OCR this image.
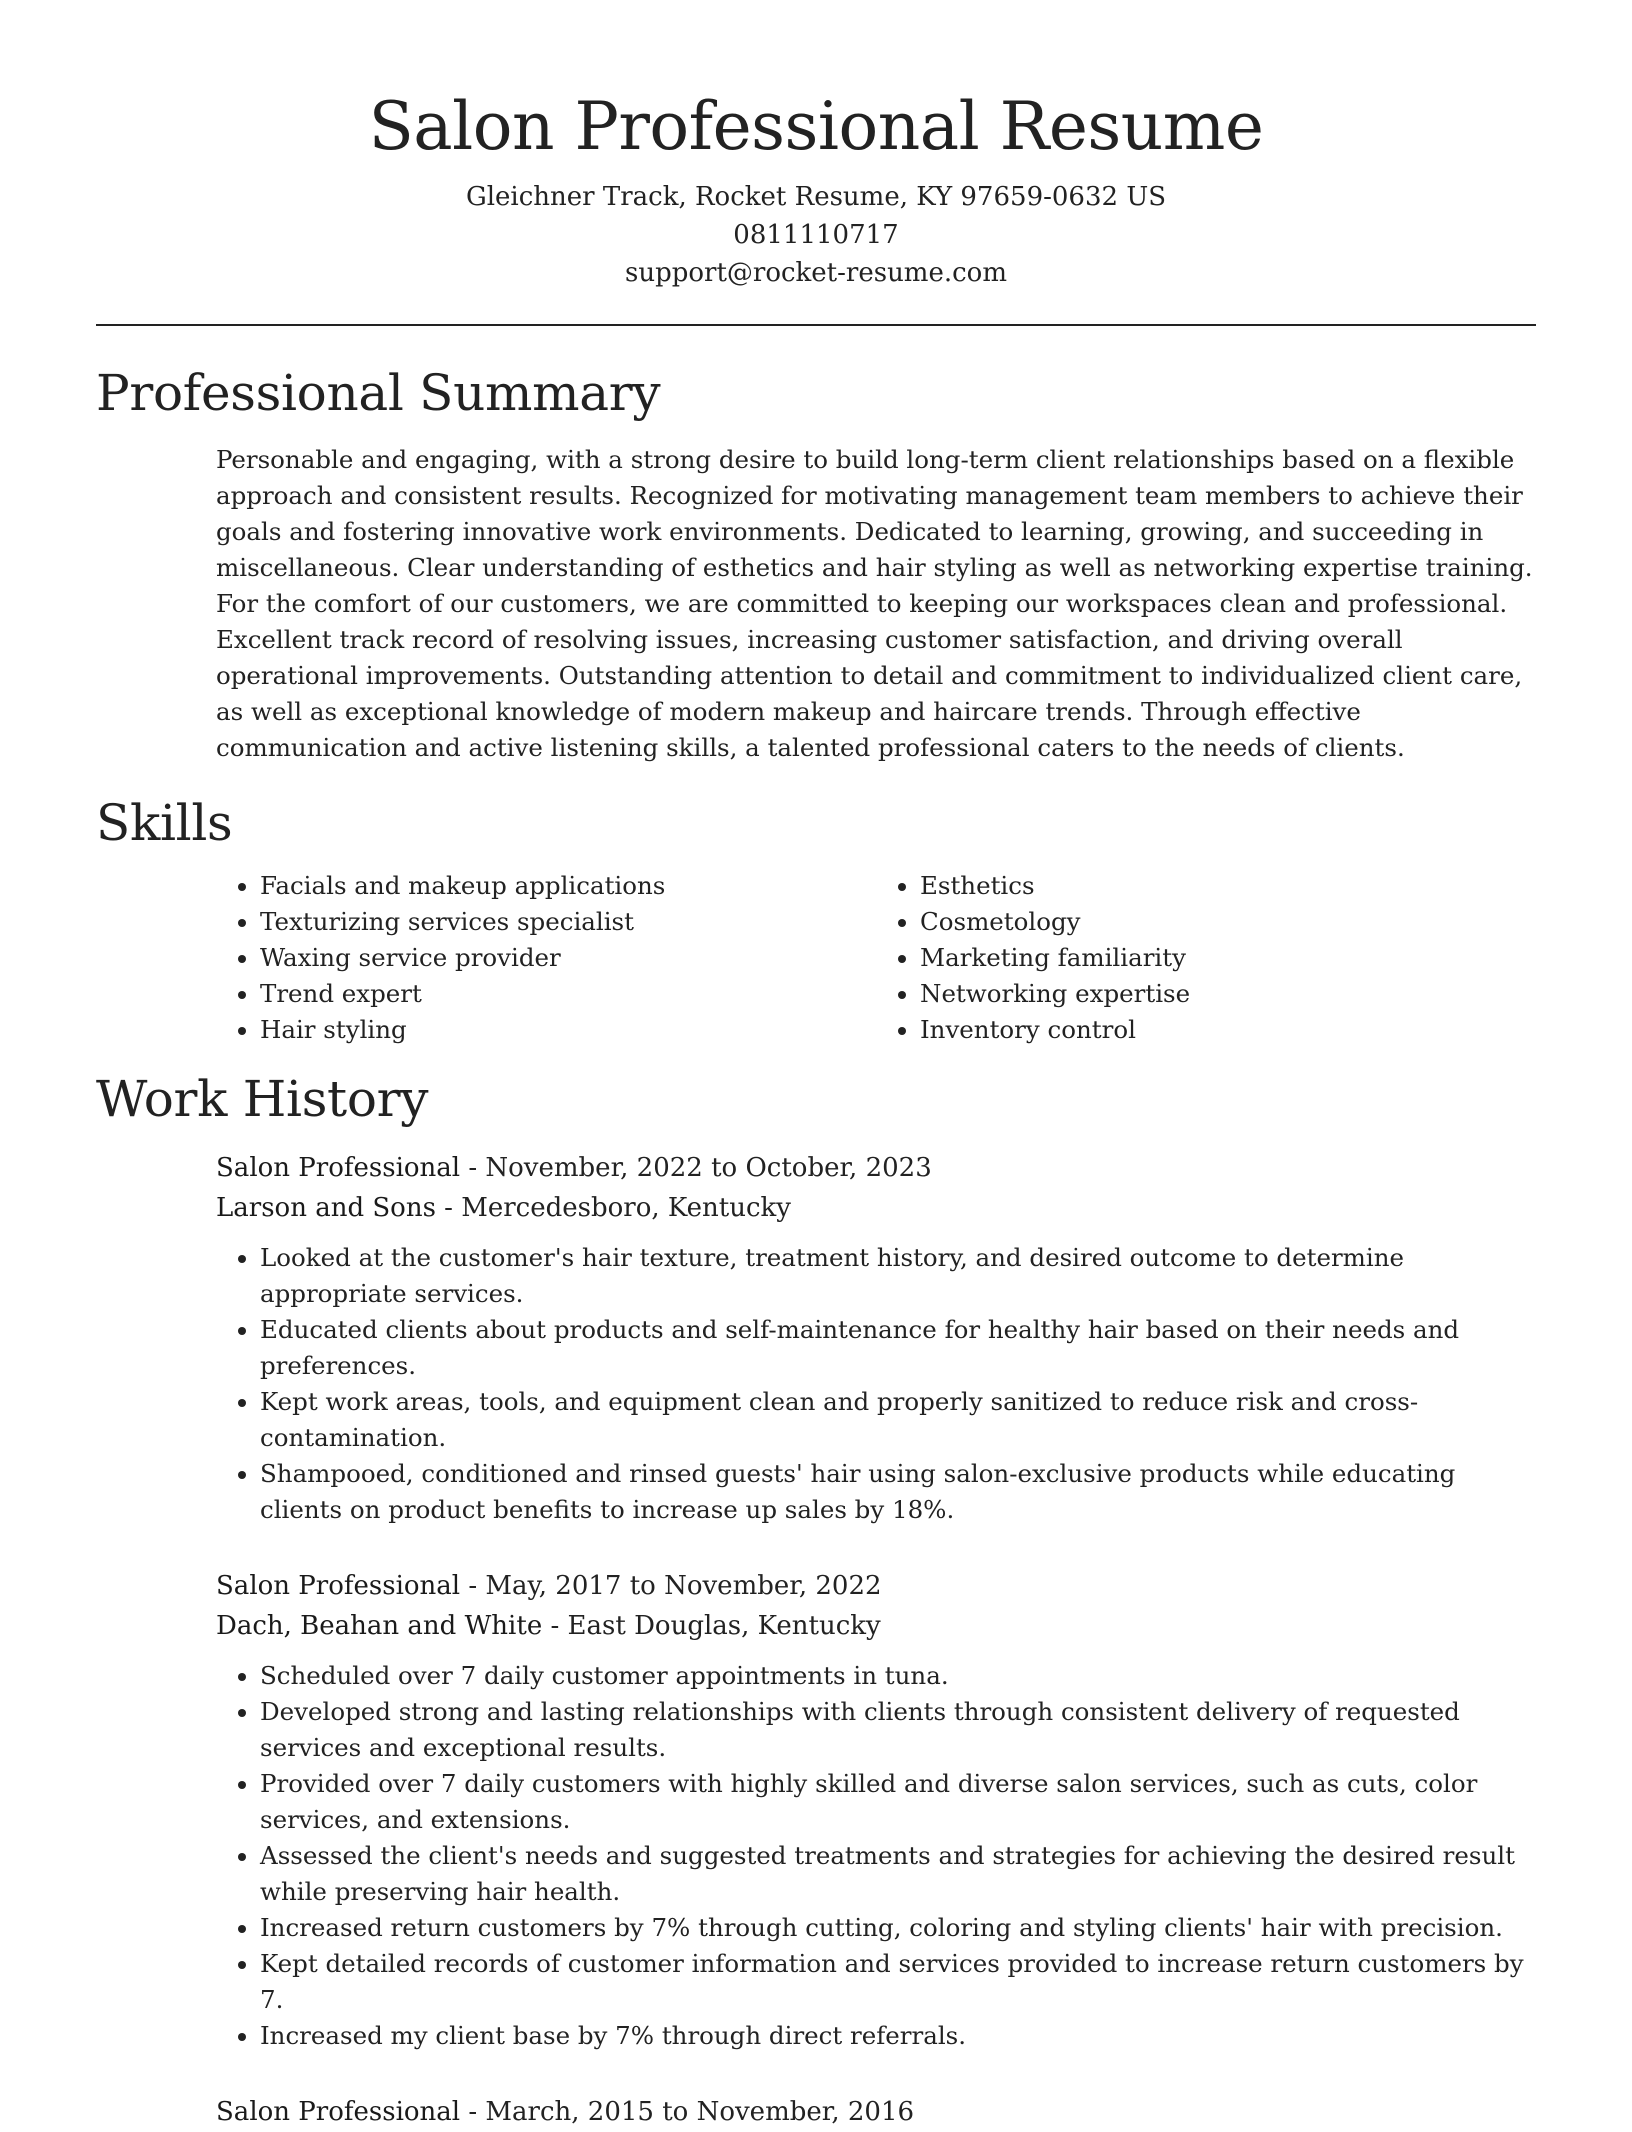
Salon Professional Resume
Gleichner Track, Rocket Resume, KY 97659-0632 US
0811110717
support@rocket-resume.com
Professional Summary

Personable and engaging, with a strong desire to build long-term client relationships based on a flexible approach and consistent results. Recognized for motivating management team members to achieve their goals and fostering innovative work environments. Dedicated to learning, growing, and succeeding in miscellaneous. Clear understanding of esthetics and hair styling as well as networking expertise training. For the comfort of our customers, we are committed to keeping our workspaces clean and professional. Excellent track record of resolving issues, increasing customer satisfaction, and driving overall operational improvements. Outstanding attention to detail and commitment to individualized client care, as well as exceptional knowledge of modern makeup and haircare trends. Through effective communication and active listening skills, a talented professional caters to the needs of clients.

Skills
• Facials and makeup applications
• Texturizing services specialist
• Waxing service provider
• Trend expert
• Hair styling
• Esthetics
• Cosmetology
• Marketing familiarity
• Networking expertise
• Inventory control
Work History
Salon Professional - November, 2022 to October, 2023
Larson and Sons - Mercedesboro, Kentucky
• Looked at the customer's hair texture, treatment history, and desired outcome to determine appropriate services.
• Educated clients about products and self-maintenance for healthy hair based on their needs and preferences.
• Kept work areas, tools, and equipment clean and properly sanitized to reduce risk and cross-contamination.
• Shampooed, conditioned and rinsed guests' hair using salon-exclusive products while educating clients on product benefits to increase up sales by 18%.
Salon Professional - May, 2017 to November, 2022
Dach, Beahan and White - East Douglas, Kentucky
• Scheduled over 7 daily customer appointments in tuna.
• Developed strong and lasting relationships with clients through consistent delivery of requested services and exceptional results.
• Provided over 7 daily customers with highly skilled and diverse salon services, such as cuts, color services, and extensions.
• Assessed the client's needs and suggested treatments and strategies for achieving the desired result while preserving hair health.
• Increased return customers by 7% through cutting, coloring and styling clients' hair with precision.
• Kept detailed records of customer information and services provided to increase return customers by 7.
• Increased my client base by 7% through direct referrals.
Salon Professional - March, 2015 to November, 2016
